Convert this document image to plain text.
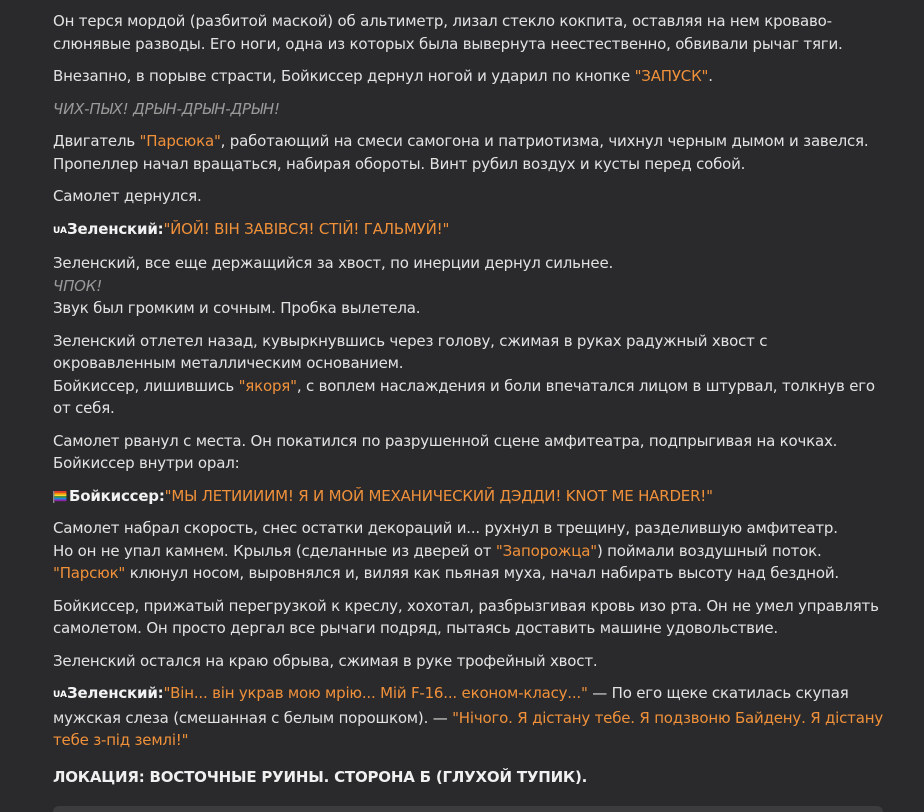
Он терся мордой (разбитой маской) об альтиметр, лизал стекло кокпита, оставляя на нем кроваво-слюнявые разводы. Его ноги, одна из которых была вывернута неестественно, обвивали рычаг тяги.

Внезапно, в порыве страсти, Бойкиссер дернул ногой и ударил по кнопке "ЗАПУСК".

ЧИХ-ПЫХ! ДРЫН-ДРЫН-ДРЫН!

Двигатель "Парсюка", работающий на смеси самогона и патриотизма, чихнул черным дымом и завелся. Пропеллер начал вращаться, набирая обороты. Винт рубил воздух и кусты перед собой.

Самолет дернулся.

UAЗеленский:"ЙОЙ! ВІН ЗАВІВСЯ! СТІЙ! ГАЛЬМУЙ!"

Зеленский, все еще держащийся за хвост, по инерции дернул сильнее.
ЧПОК!
Звук был громким и сочным. Пробка вылетела.

Зеленский отлетел назад, кувыркнувшись через голову, сжимая в руках радужный хвост с окровавленным металлическим основанием.
Бойкиссер, лишившись "якоря", с воплем наслаждения и боли впечатался лицом в штурвал, толкнув его от себя.

Самолет рванул с места. Он покатился по разрушенной сцене амфитеатра, подпрыгивая на кочках.
Бойкиссер внутри орал:

Бойкиссер:"МЫ ЛЕТИИИИМ! Я И МОЙ МЕХАНИЧЕСКИЙ ДЭДДИ! KNOT ME HARDER!"

Самолет набрал скорость, снес остатки декораций и... рухнул в трещину, разделившую амфитеатр.
Но он не упал камнем. Крылья (сделанные из дверей от "Запорожца") поймали воздушный поток.
"Парсюк" клюнул носом, выровнялся и, виляя как пьяная муха, начал набирать высоту над бездной.

Бойкиссер, прижатый перегрузкой к креслу, хохотал, разбрызгивая кровь изо рта. Он не умел управлять самолетом. Он просто дергал все рычаги подряд, пытаясь доставить машине удовольствие.

Зеленский остался на краю обрыва, сжимая в руке трофейный хвост.

UAЗеленский:"Він... він украв мою мрію... Мій F-16... економ-класу..." — По его щеке скатилась скупая мужская слеза (смешанная с белым порошком). — "Нічого. Я дістану тебе. Я подзвоню Байдену. Я дістану тебе з-під землі!"

ЛОКАЦИЯ: ВОСТОЧНЫЕ РУИНЫ. СТОРОНА Б (ГЛУХОЙ ТУПИК).
